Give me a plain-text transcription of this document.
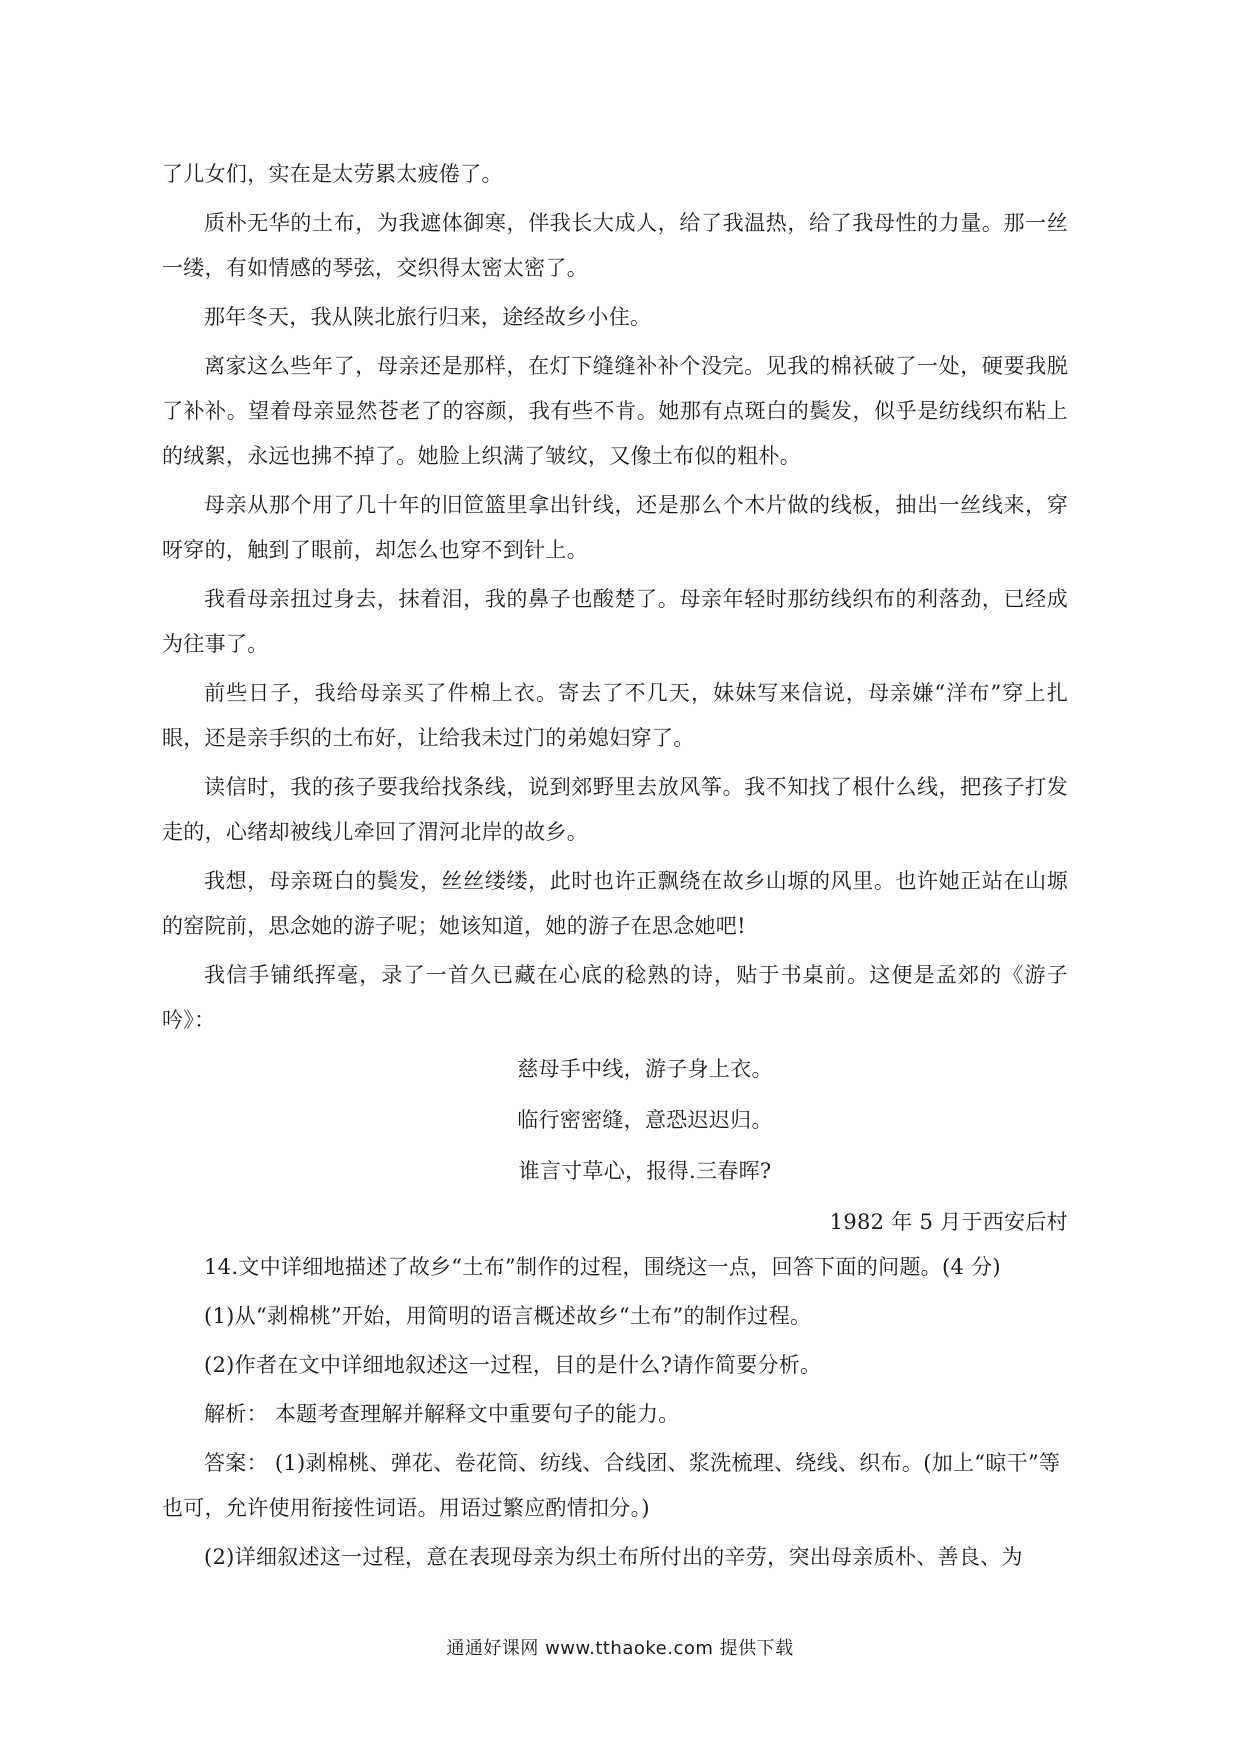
了儿女们，实在是太劳累太疲倦了。

质朴无华的土布，为我遮体御寒，伴我长大成人，给了我温热，给了我母性的力量。那一丝一缕，有如情感的琴弦，交织得太密太密了。

那年冬天，我从陕北旅行归来，途经故乡小住。

离家这么些年了，母亲还是那样，在灯下缝缝补补个没完。见我的棉袄破了一处，硬要我脱了补补。望着母亲显然苍老了的容颜，我有些不肯。她那有点斑白的鬓发，似乎是纺线织布粘上的绒絮，永远也拂不掉了。她脸上织满了皱纹，又像土布似的粗朴。

母亲从那个用了几十年的旧笸篮里拿出针线，还是那么个木片做的线板，抽出一丝线来，穿呀穿的，触到了眼前，却怎么也穿不到针上。

我看母亲扭过身去，抹着泪，我的鼻子也酸楚了。母亲年轻时那纺线织布的利落劲，已经成为往事了。

前些日子，我给母亲买了件棉上衣。寄去了不几天，妹妹写来信说，母亲嫌“洋布”穿上扎眼，还是亲手织的土布好，让给我未过门的弟媳妇穿了。

读信时，我的孩子要我给找条线，说到郊野里去放风筝。我不知找了根什么线，把孩子打发走的，心绪却被线儿牵回了渭河北岸的故乡。

我想，母亲斑白的鬓发，丝丝缕缕，此时也许正飘绕在故乡山塬的风里。也许她正站在山塬的窑院前，思念她的游子呢；她该知道，她的游子在思念她吧!

我信手铺纸挥毫，录了一首久已藏在心底的稔熟的诗，贴于书桌前。这便是孟郊的《游子吟》：

慈母手中线，游子身上衣。

临行密密缝，意恐迟迟归。

谁言寸草心，报得.三春晖?

1982 年 5 月于西安后村

14.文中详细地描述了故乡“土布”制作的过程，围绕这一点，回答下面的问题。(4 分)

(1)从“剥棉桃”开始，用简明的语言概述故乡“土布”的制作过程。

(2)作者在文中详细地叙述这一过程，目的是什么?请作简要分析。

解析： 本题考查理解并解释文中重要句子的能力。

答案： (1)剥棉桃、弹花、卷花筒、纺线、合线团、浆洗梳理、绕线、织布。(加上“晾干”等也可，允许使用衔接性词语。用语过繁应酌情扣分。)

(2)详细叙述这一过程，意在表现母亲为织土布所付出的辛劳，突出母亲质朴、善良、为

通通好课网 www.tthaoke.com 提供下载
